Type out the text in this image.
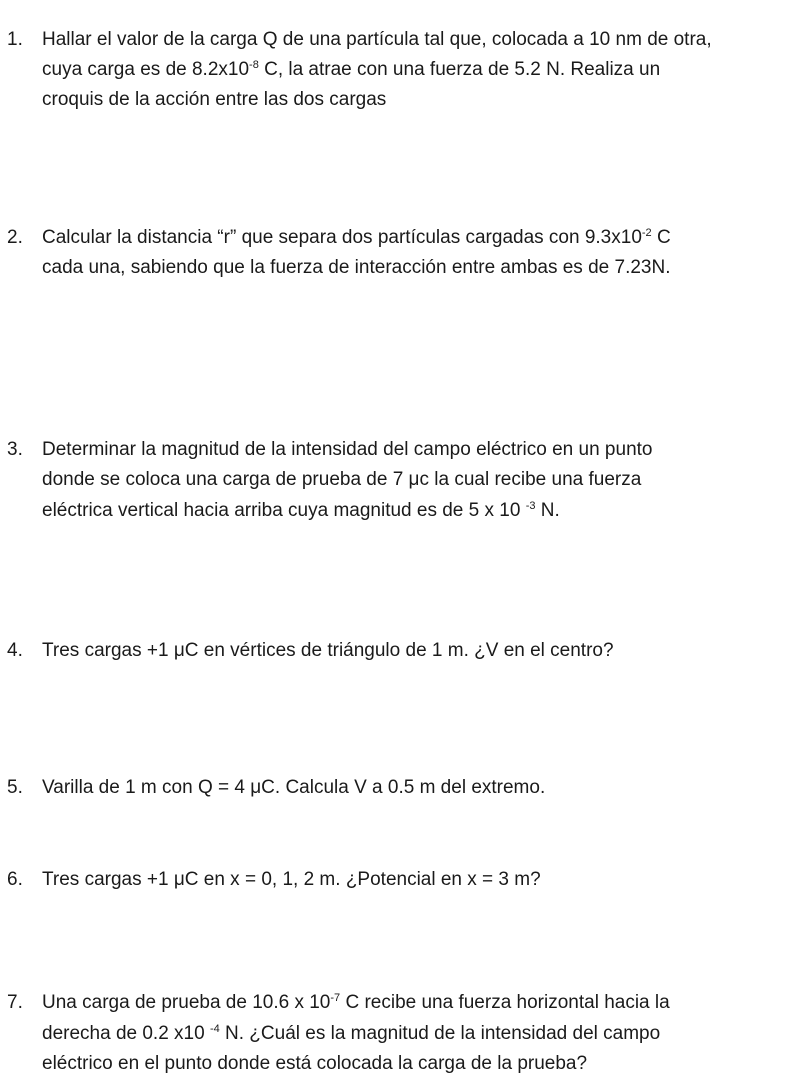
1. Hallar el valor de la carga Q de una partícula tal que, colocada a 10 nm de otra,
cuya carga es de $8.2x10^{-8}$ C, la atrae con una fuerza de 5.2 N. Realiza un
croquis de la acción entre las dos cargas
2. Calcular la distancia “r” que separa dos partículas cargadas con $9.3x10^{-2}$ C
cada una, sabiendo que la fuerza de interacción entre ambas es de 7.23N.
3. Determinar la magnitud de la intensidad del campo eléctrico en un punto
donde se coloca una carga de prueba de 7 μc la cual recibe una fuerza
eléctrica vertical hacia arriba cuya magnitud es de 5 x 10 $^{-3}$ N.
4. Tres cargas +1 μC en vértices de triángulo de 1 m. ¿V en el centro?
5. Varilla de 1 m con Q = 4 μC. Calcula V a 0.5 m del extremo.
6. Tres cargas +1 μC en x = 0, 1, 2 m. ¿Potencial en x = 3 m?
7. Una carga de prueba de 10.6 x $10^{-7}$ C recibe una fuerza horizontal hacia la
derecha de 0.2 x10 $^{-4}$ N. ¿Cuál es la magnitud de la intensidad del campo
eléctrico en el punto donde está colocada la carga de la prueba?
